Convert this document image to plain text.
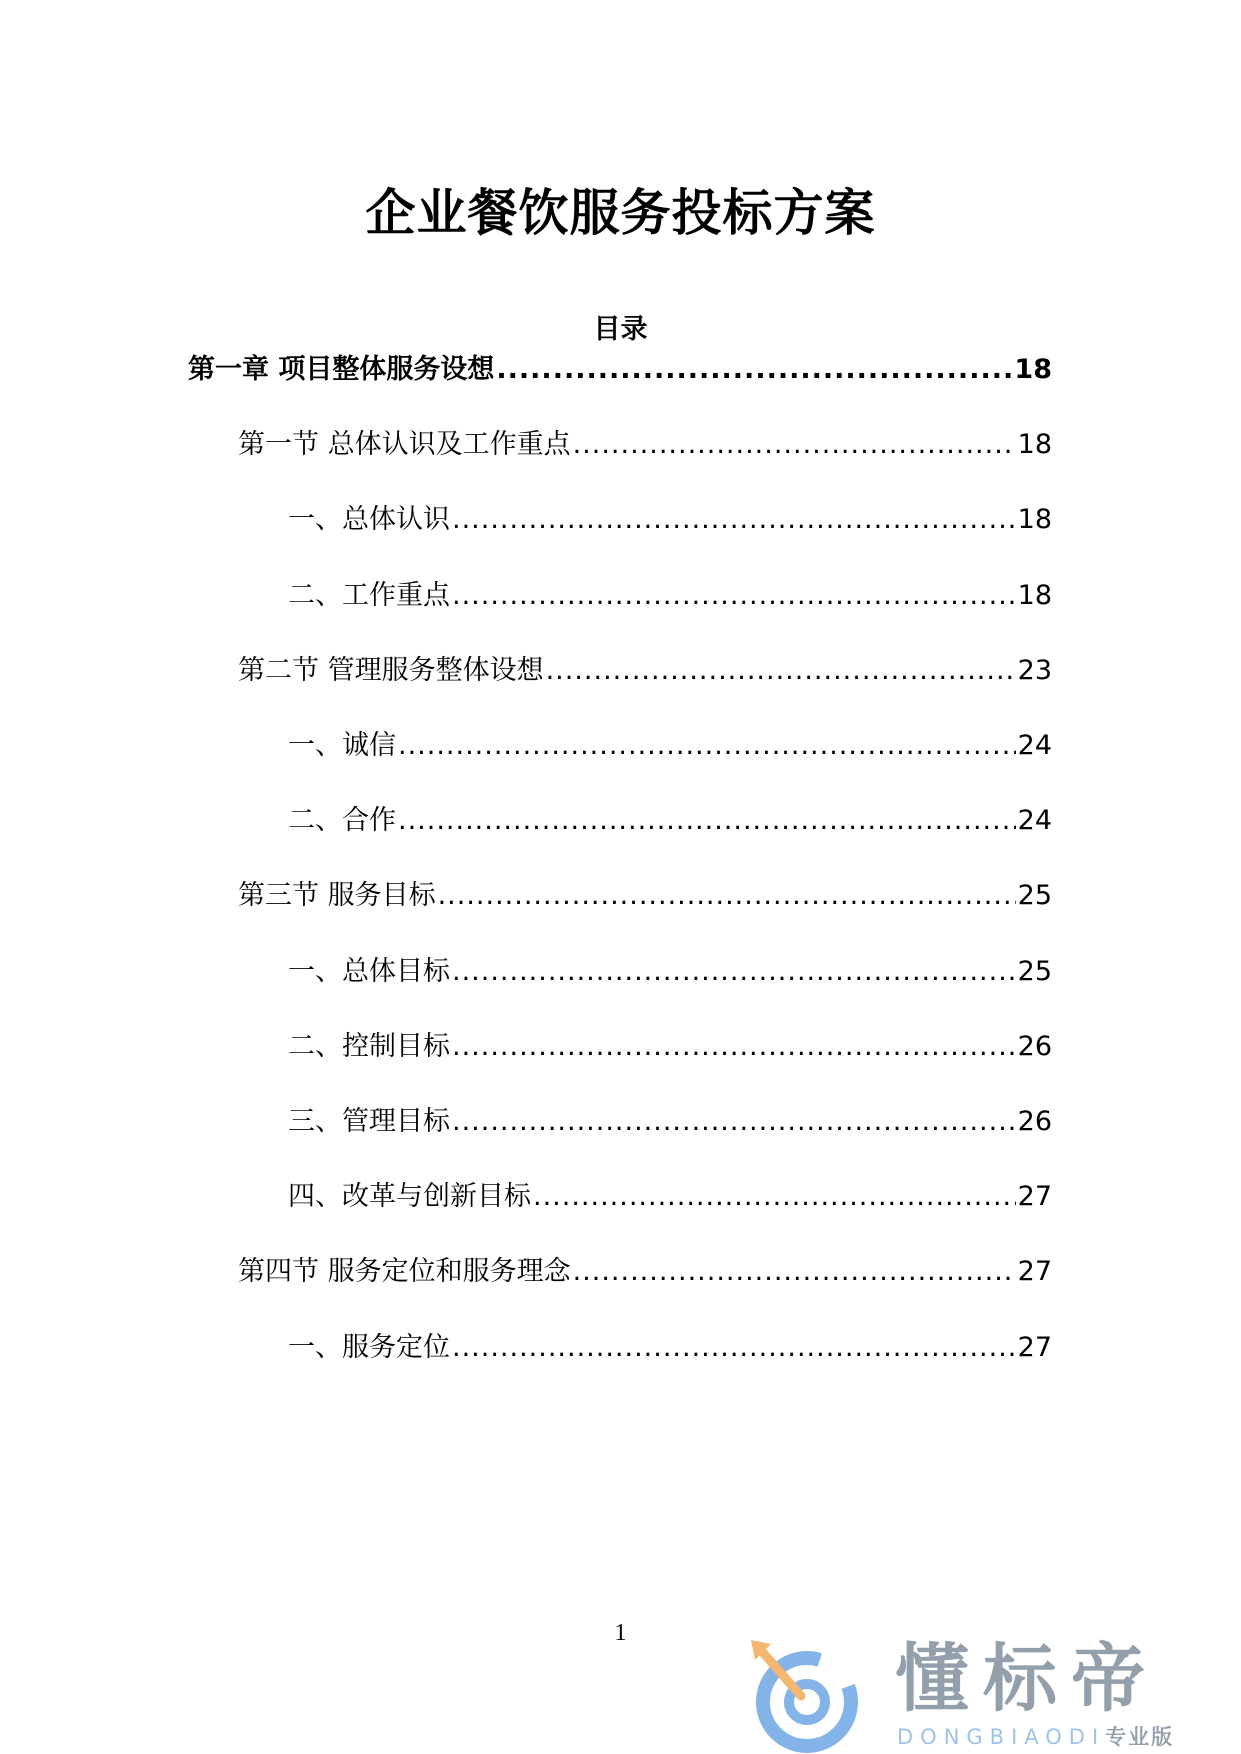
企业餐饮服务投标方案
目录
第一章 项目整体服务设想 .....	18
第一节 总体认识及工作重点 .....	18
一、总体认识 .....	18
二、工作重点 .....	18
第二节 管理服务整体设想 .....	23
一、诚信 .....	24
二、合作 .....	24
第三节 服务目标 .....	25
一、总体目标 .....	25
二、控制目标 .....	26
三、管理目标 .....	26
四、改革与创新目标 .....	27
第四节 服务定位和服务理念 .....	27
一、服务定位 .....	27
1
懂标帝
DONGBIAODI专业版
